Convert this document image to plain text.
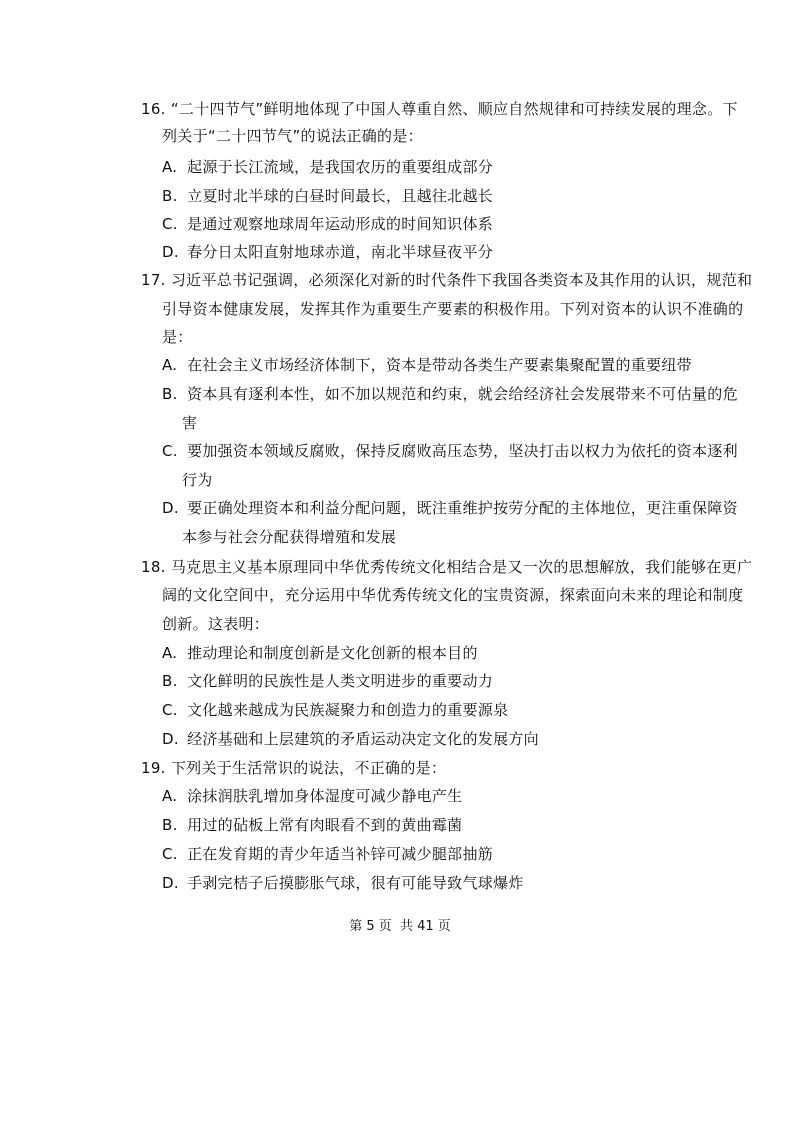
16. “二十四节气”鲜明地体现了中国人尊重自然、顺应自然规律和可持续发展的理念。下
列关于“二十四节气”的说法正确的是：
A. 起源于长江流域，是我国农历的重要组成部分
B. 立夏时北半球的白昼时间最长，且越往北越长
C. 是通过观察地球周年运动形成的时间知识体系
D. 春分日太阳直射地球赤道，南北半球昼夜平分
17. 习近平总书记强调，必须深化对新的时代条件下我国各类资本及其作用的认识，规范和
引导资本健康发展，发挥其作为重要生产要素的积极作用。下列对资本的认识不准确的
是：
A. 在社会主义市场经济体制下，资本是带动各类生产要素集聚配置的重要纽带
B. 资本具有逐利本性，如不加以规范和约束，就会给经济社会发展带来不可估量的危
害
C. 要加强资本领域反腐败，保持反腐败高压态势，坚决打击以权力为依托的资本逐利
行为
D. 要正确处理资本和利益分配问题，既注重维护按劳分配的主体地位，更注重保障资
本参与社会分配获得增殖和发展
18. 马克思主义基本原理同中华优秀传统文化相结合是又一次的思想解放，我们能够在更广
阔的文化空间中，充分运用中华优秀传统文化的宝贵资源，探索面向未来的理论和制度
创新。这表明：
A. 推动理论和制度创新是文化创新的根本目的
B. 文化鲜明的民族性是人类文明进步的重要动力
C. 文化越来越成为民族凝聚力和创造力的重要源泉
D. 经济基础和上层建筑的矛盾运动决定文化的发展方向
19. 下列关于生活常识的说法，不正确的是：
A. 涂抹润肤乳增加身体湿度可减少静电产生
B. 用过的砧板上常有肉眼看不到的黄曲霉菌
C. 正在发育期的青少年适当补锌可减少腿部抽筋
D. 手剥完桔子后摸膨胀气球，很有可能导致气球爆炸
第 5 页  共 41 页
